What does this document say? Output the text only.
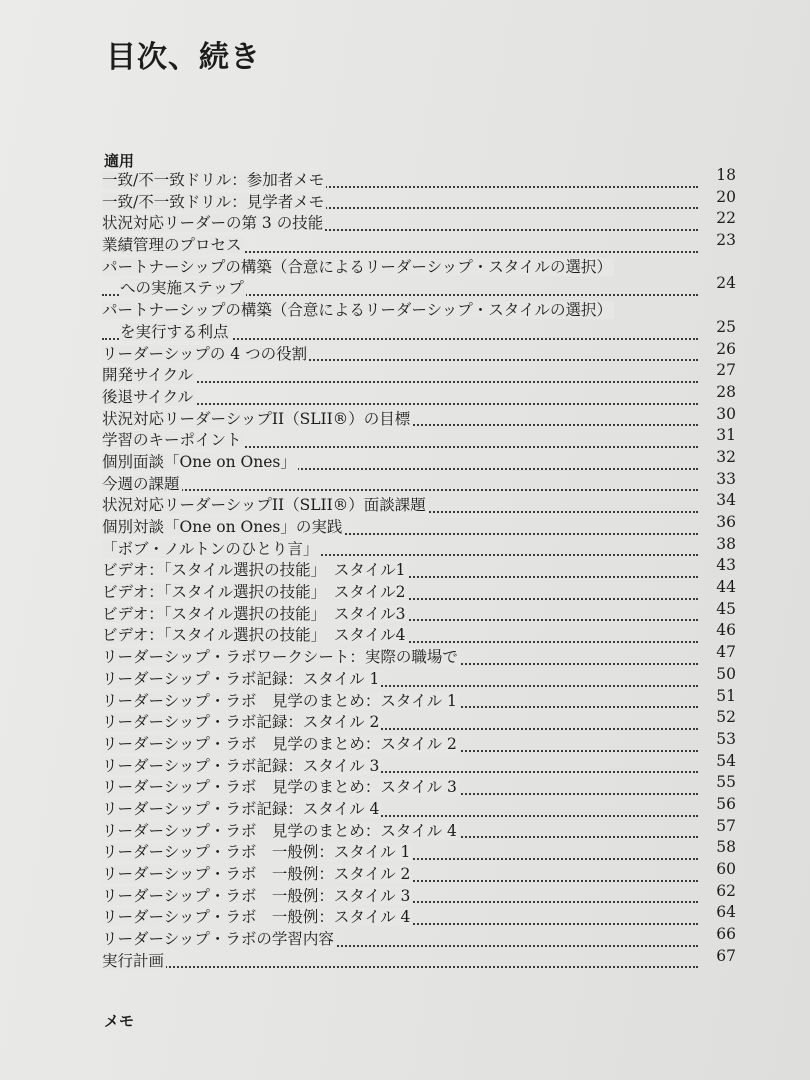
目次、続き
適用
一致/不一致ドリル：参加者メモ	18
一致/不一致ドリル：見学者メモ	20
状況対応リーダーの第 3 の技能	22
業績管理のプロセス	23
パートナーシップの構築（合意によるリーダーシップ・スタイルの選択）
への実施ステップ	24
パートナーシップの構築（合意によるリーダーシップ・スタイルの選択）
を実行する利点	25
リーダーシップの 4 つの役割	26
開発サイクル	27
後退サイクル	28
状況対応リーダーシップII（SLII®）の目標	30
学習のキーポイント	31
個別面談「One on Ones」	32
今週の課題	33
状況対応リーダーシップII（SLII®）面談課題	34
個別対談「One on Ones」の実践	36
「ボブ・ノルトンのひとり言」	38
ビデオ：「スタイル選択の技能」　スタイル1	43
ビデオ：「スタイル選択の技能」　スタイル2	44
ビデオ：「スタイル選択の技能」　スタイル3	45
ビデオ：「スタイル選択の技能」　スタイル4	46
リーダーシップ・ラボワークシート：実際の職場で	47
リーダーシップ・ラボ記録：スタイル 1	50
リーダーシップ・ラボ　見学のまとめ：スタイル 1	51
リーダーシップ・ラボ記録：スタイル 2	52
リーダーシップ・ラボ　見学のまとめ：スタイル 2	53
リーダーシップ・ラボ記録：スタイル 3	54
リーダーシップ・ラボ　見学のまとめ：スタイル 3	55
リーダーシップ・ラボ記録：スタイル 4	56
リーダーシップ・ラボ　見学のまとめ：スタイル 4	57
リーダーシップ・ラボ　一般例：スタイル 1	58
リーダーシップ・ラボ　一般例：スタイル 2	60
リーダーシップ・ラボ　一般例：スタイル 3	62
リーダーシップ・ラボ　一般例：スタイル 4	64
リーダーシップ・ラボの学習内容	66
実行計画	67
メモ
